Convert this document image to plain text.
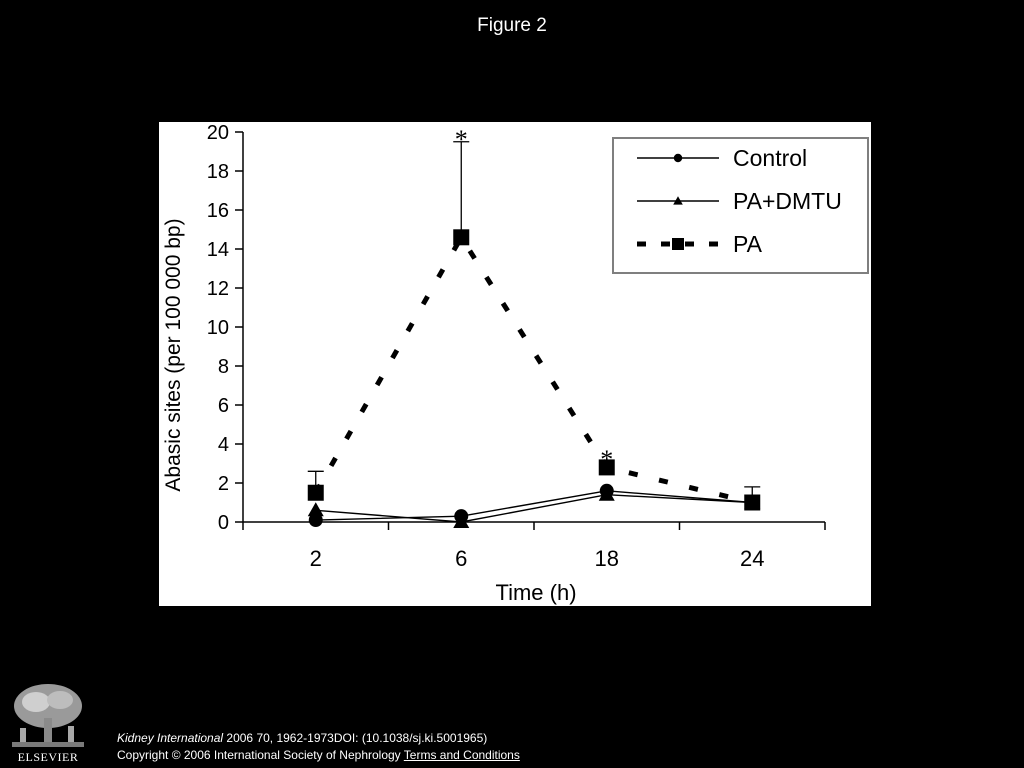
Figure 2
0
2
4
6
8
10
12
14
16
18
20
2	6	18	24
*
*
Control
PA+DMTU
PA
Abasic sites (per 100 000 bp)
Time (h)
ELSEVIER
Kidney International 2006 70, 1962-1973DOI: (10.1038/sj.ki.5001965)
Copyright © 2006 International Society of Nephrology Terms and Conditions
